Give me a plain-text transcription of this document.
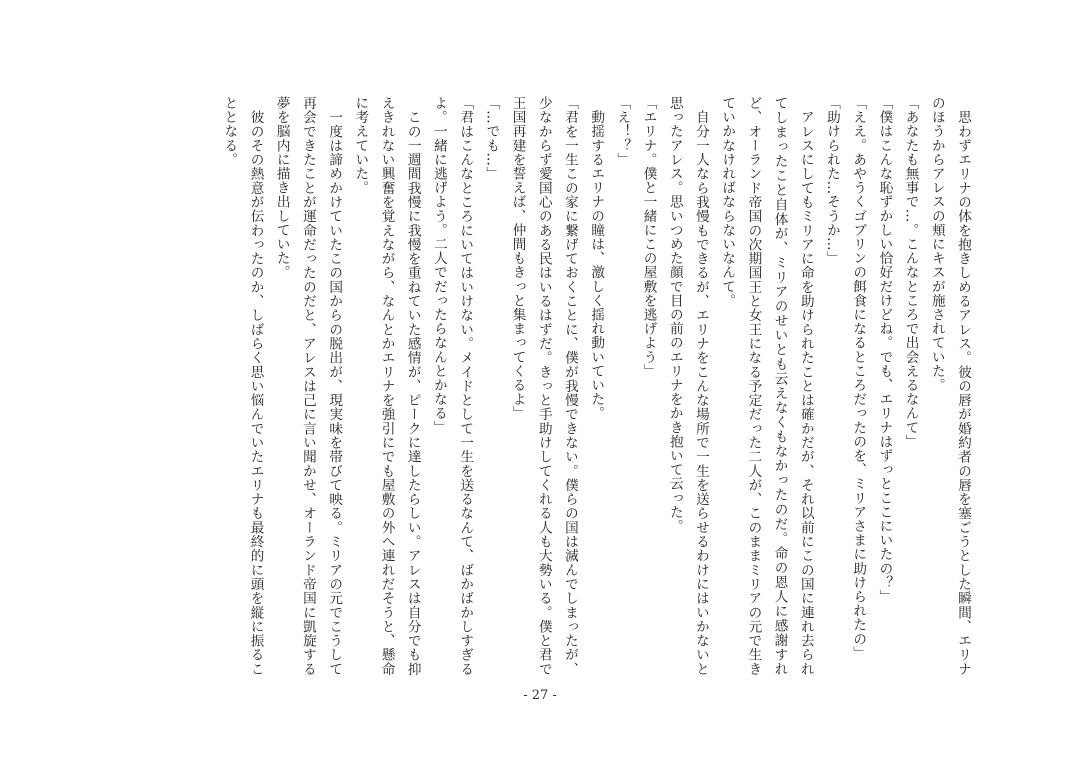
　思わずエリナの体を抱きしめるアレス。彼の唇が婚約者の唇を塞ごうとした瞬間、エリナのほうからアレスの頬にキスが施されていた。

「あなたも無事で…。こんなところで出会えるなんて」

「僕はこんな恥ずかしい恰好だけどね。でも、エリナはずっとここにいたの？」

「ええ。あやうくゴブリンの餌食になるところだったのを、ミリアさまに助けられたの」

「助けられた…そうか…」

　アレスにしてもミリアに命を助けられたことは確かだが、それ以前にこの国に連れ去られてしまったこと自体が、ミリアのせいとも云えなくもなかったのだ。命の恩人に感謝すれど、オーランド帝国の次期国王と女王になる予定だった二人が、このままミリアの元で生きていかなければならないなんて。

　自分一人なら我慢もできるが、エリナをこんな場所で一生を送らせるわけにはいかないと思ったアレス。思いつめた顔で目の前のエリナをかき抱いて云った。

「エリナ。僕と一緒にこの屋敷を逃げよう」

「え！？」

　動揺するエリナの瞳は、激しく揺れ動いていた。

「君を一生この家に繋げておくことに、僕が我慢できない。僕らの国は滅んでしまったが、少なからず愛国心のある民はいるはずだ。きっと手助けしてくれる人も大勢いる。僕と君で王国再建を誓えば、仲間もきっと集まってくるよ」

「…でも…」

「君はこんなところにいてはいけない。メイドとして一生を送るなんて、ばかばかしすぎるよ。一緒に逃げよう。二人でだったらなんとかなる」

　この一週間我慢に我慢を重ねていた感情が、ピークに達したらしい。アレスは自分でも抑えきれない興奮を覚えながら、なんとかエリナを強引にでも屋敷の外へ連れだそうと、懸命に考えていた。

　一度は諦めかけていたこの国からの脱出が、現実味を帯びて映る。ミリアの元でこうして再会できたことが運命だったのだと、アレスは己に言い聞かせ、オーランド帝国に凱旋する夢を脳内に描き出していた。

　彼のその熱意が伝わったのか、しばらく思い悩んでいたエリナも最終的に頭を縦に振ることとなる。

- 27 -
